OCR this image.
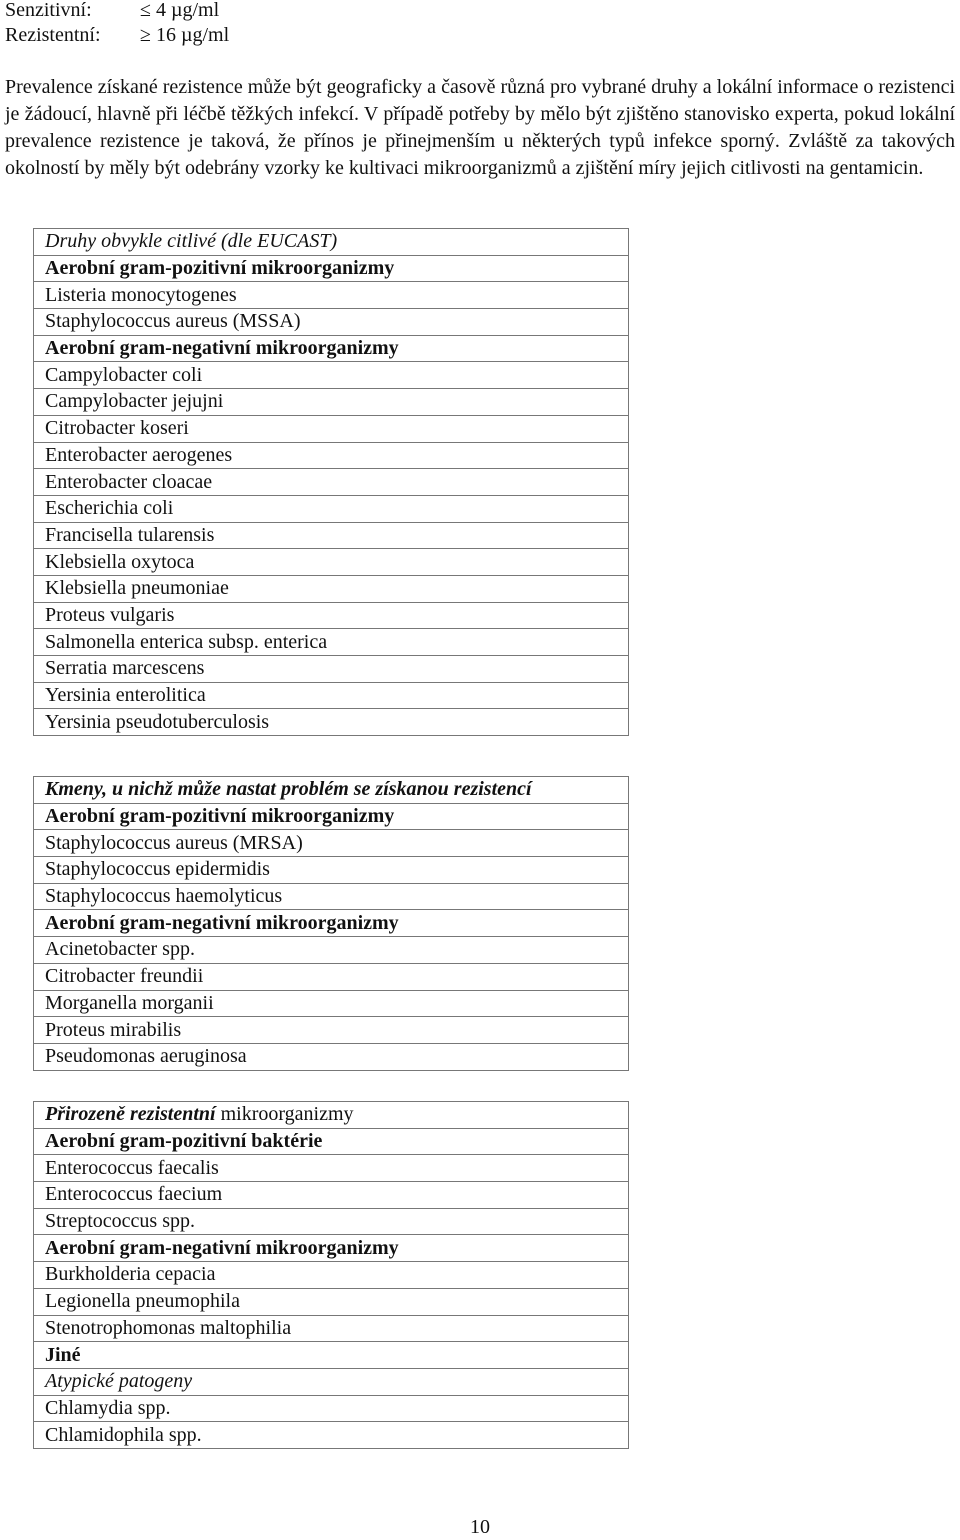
Senzitivní: ≤ 4 µg/ml
Rezistentní: ≥ 16 µg/ml

Prevalence získané rezistence může být geograficky a časově různá pro vybrané druhy a lokální informace o rezistenci je žádoucí, hlavně při léčbě těžkých infekcí. V případě potřeby by mělo být zjištěno stanovisko experta, pokud lokální prevalence rezistence je taková, že přínos je přinejmenším u některých typů infekce sporný. Zvláště za takových okolností by měly být odebrány vzorky ke kultivaci mikroorganizmů a zjištění míry jejich citlivosti na gentamicin.

Druhy obvykle citlivé (dle EUCAST)
Aerobní gram-pozitivní mikroorganizmy
Listeria monocytogenes
Staphylococcus aureus (MSSA)
Aerobní gram-negativní mikroorganizmy
Campylobacter coli
Campylobacter jejujni
Citrobacter koseri
Enterobacter aerogenes
Enterobacter cloacae
Escherichia coli
Francisella tularensis
Klebsiella oxytoca
Klebsiella pneumoniae
Proteus vulgaris
Salmonella enterica subsp. enterica
Serratia marcescens
Yersinia enterolitica
Yersinia pseudotuberculosis
Kmeny, u nichž může nastat problém se získanou rezistencí
Aerobní gram-pozitivní mikroorganizmy
Staphylococcus aureus (MRSA)
Staphylococcus epidermidis
Staphylococcus haemolyticus
Aerobní gram-negativní mikroorganizmy
Acinetobacter spp.
Citrobacter freundii
Morganella morganii
Proteus mirabilis
Pseudomonas aeruginosa
Přirozeně rezistentní mikroorganizmy
Aerobní gram-pozitivní baktérie
Enterococcus faecalis
Enterococcus faecium
Streptococcus spp.
Aerobní gram-negativní mikroorganizmy
Burkholderia cepacia
Legionella pneumophila
Stenotrophomonas maltophilia
Jiné
Atypické patogeny
Chlamydia spp.
Chlamidophila spp.
10
